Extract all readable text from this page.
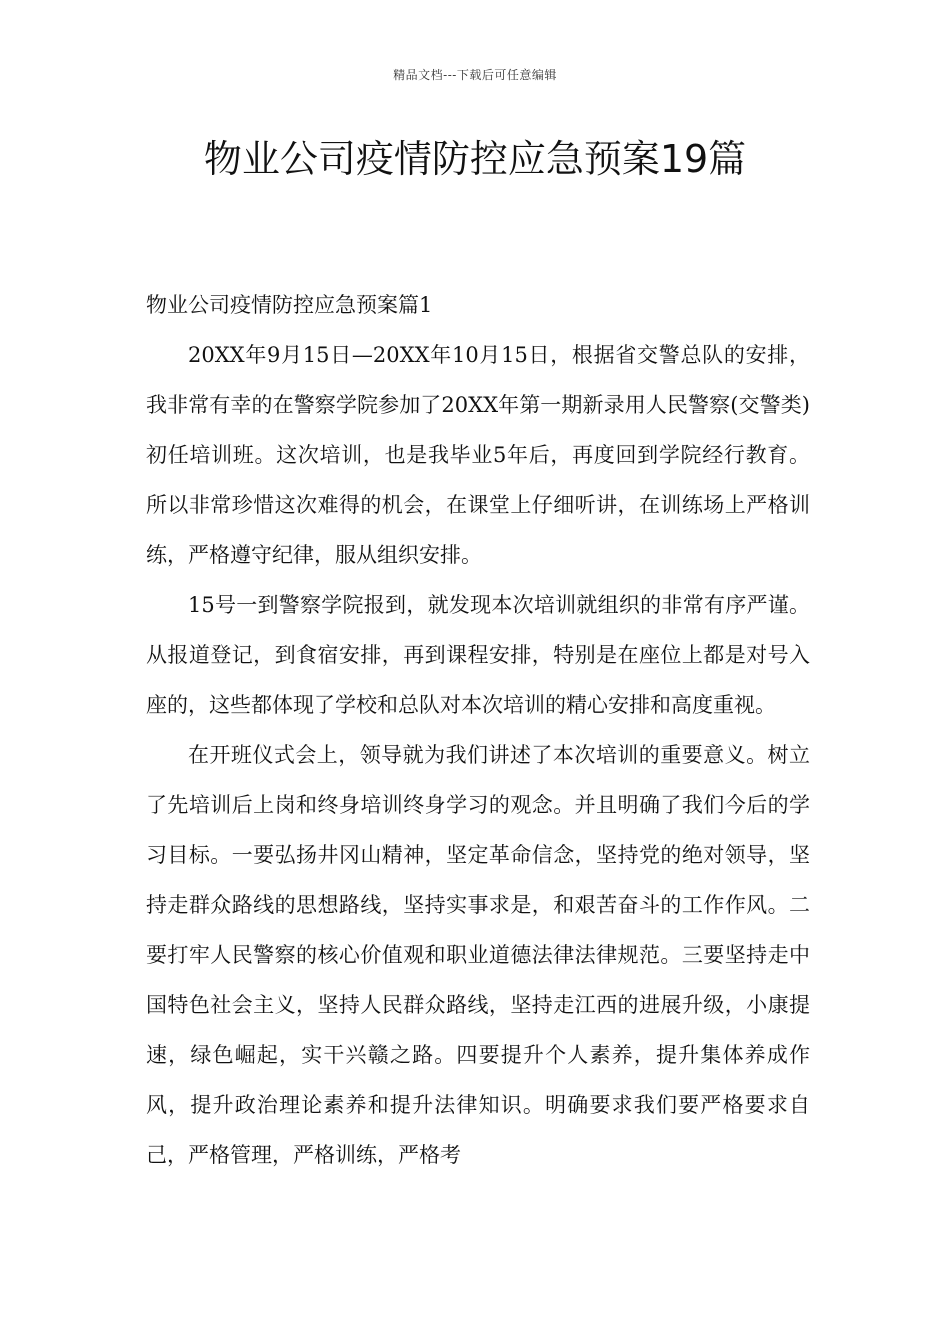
精品文档---下载后可任意编辑
物业公司疫情防控应急预案19篇
物业公司疫情防控应急预案篇1

20XX年9月15日—20XX年10月15日，根据省交警总队的安排，我非常有幸的在警察学院参加了20XX年第一期新录用人民警察(交警类)初任培训班。这次培训，也是我毕业5年后，再度回到学院经行教育。所以非常珍惜这次难得的机会，在课堂上仔细听讲，在训练场上严格训练，严格遵守纪律，服从组织安排。

15号一到警察学院报到，就发现本次培训就组织的非常有序严谨。从报道登记，到食宿安排，再到课程安排，特别是在座位上都是对号入座的，这些都体现了学校和总队对本次培训的精心安排和高度重视。

在开班仪式会上，领导就为我们讲述了本次培训的重要意义。树立了先培训后上岗和终身培训终身学习的观念。并且明确了我们今后的学习目标。一要弘扬井冈山精神，坚定革命信念，坚持党的绝对领导，坚持走群众路线的思想路线，坚持实事求是，和艰苦奋斗的工作作风。二要打牢人民警察的核心价值观和职业道德法律法律规范。三要坚持走中国特色社会主义，坚持人民群众路线，坚持走江西的进展升级，小康提速，绿色崛起，实干兴赣之路。四要提升个人素养，提升集体养成作风，提升政治理论素养和提升法律知识。明确要求我们要严格要求自己，严格管理，严格训练，严格考
